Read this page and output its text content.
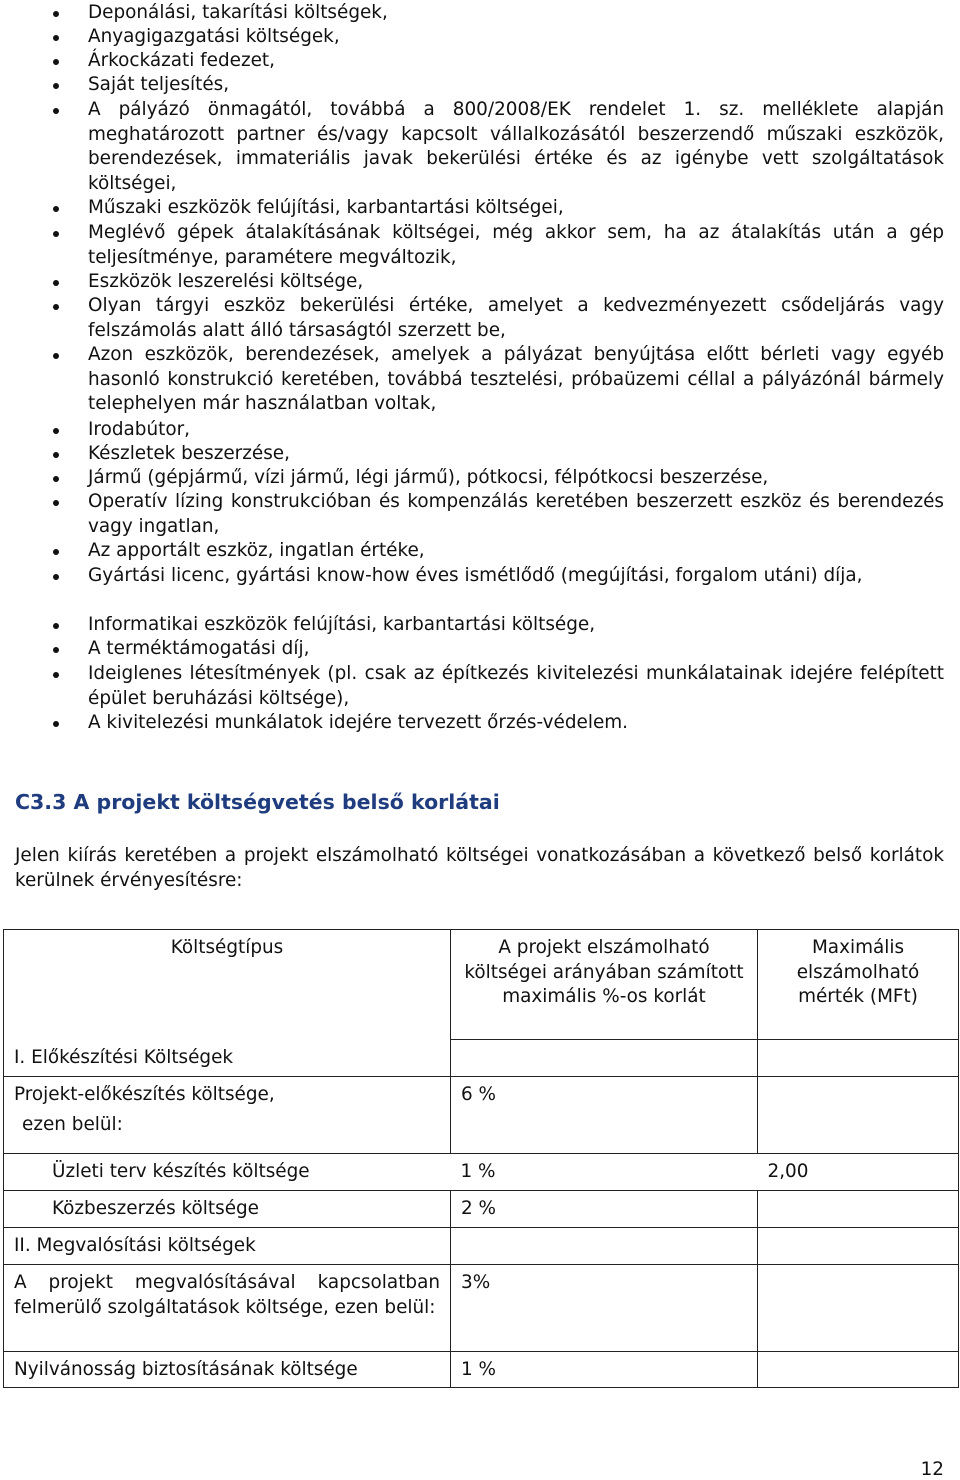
Deponálási, takarítási költségek,
Anyagigazgatási költségek,
Árkockázati fedezet,
Saját teljesítés,
A pályázó önmagától, továbbá a 800/2008/EK rendelet 1. sz. melléklete alapján meghatározott partner és/vagy kapcsolt vállalkozásától beszerzendő műszaki eszközök, berendezések, immateriális javak bekerülési értéke és az igénybe vett szolgáltatások költségei,
Műszaki eszközök felújítási, karbantartási költségei,
Meglévő gépek átalakításának költségei, még akkor sem, ha az átalakítás után a gép teljesítménye, paramétere megváltozik,
Eszközök leszerelési költsége,
Olyan tárgyi eszköz bekerülési értéke, amelyet a kedvezményezett csődeljárás vagy felszámolás alatt álló társaságtól szerzett be,
Azon eszközök, berendezések, amelyek a pályázat benyújtása előtt bérleti vagy egyéb hasonló konstrukció keretében, továbbá tesztelési, próbaüzemi céllal a pályázónál bármely telephelyen már használatban voltak,
Irodabútor,
Készletek beszerzése,
Jármű (gépjármű, vízi jármű, légi jármű), pótkocsi, félpótkocsi beszerzése,
Operatív lízing konstrukcióban és kompenzálás keretében beszerzett eszköz és berendezés vagy ingatlan,
Az apportált eszköz, ingatlan értéke,
Gyártási licenc, gyártási know-how éves ismétlődő (megújítási, forgalom utáni) díja,
Informatikai eszközök felújítási, karbantartási költsége,
A terméktámogatási díj,
Ideiglenes létesítmények (pl. csak az építkezés kivitelezési munkálatainak idejére felépített épület beruházási költsége),
A kivitelezési munkálatok idejére tervezett őrzés-védelem.
C3.3 A projekt költségvetés belső korlátai

Jelen kiírás keretében a projekt elszámolható költségei vonatkozásában a következő belső korlátok kerülnek érvényesítésre:

Költségtípus	A projekt elszámolható költségei arányában számított maximális %-os korlát	Maximális elszámolható mérték (MFt)
I. Előkészítési Költségek		

Projekt-előkészítés költsége,
ezen belül:	6 %	
Üzleti terv készítés költsége	1 %	2,00
Közbeszerzés költsége	2 %	
II. Megvalósítási költségek		
A projekt megvalósításával kapcsolatban felmerülő szolgáltatások költsége, ezen belül:	3%	
Nyilvánosság biztosításának költsége	1 %	

12
